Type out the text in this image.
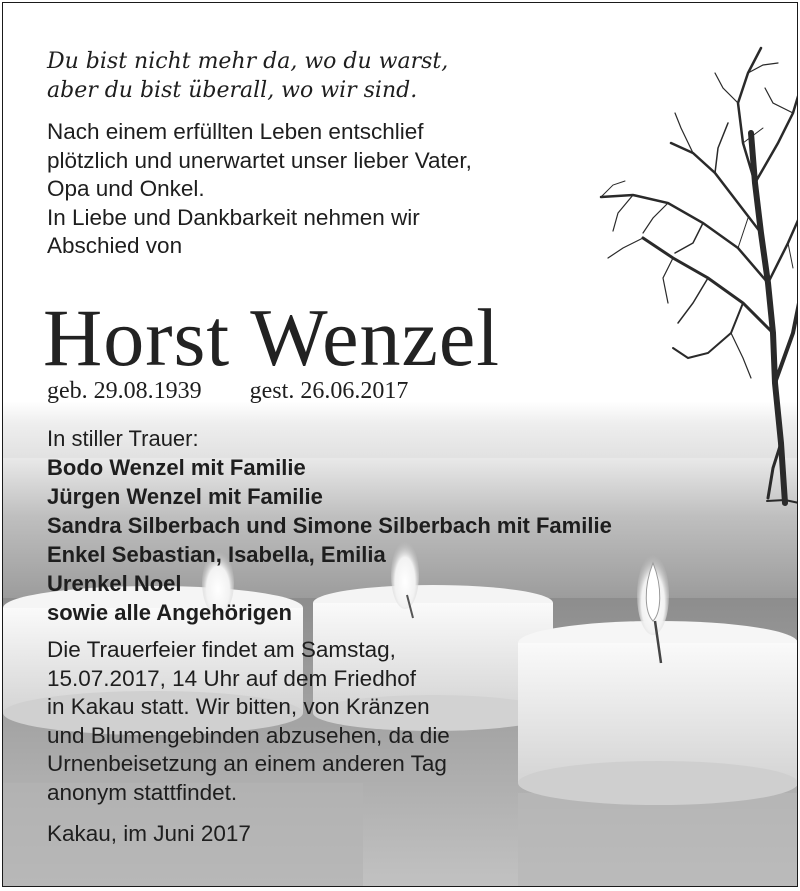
Du bist nicht mehr da, wo du warst,
aber du bist überall, wo wir sind.
Nach einem erfüllten Leben entschlief
plötzlich und unerwartet unser lieber Vater,
Opa und Onkel.
In Liebe und Dankbarkeit nehmen wir
Abschied von
Horst Wenzel
geb. 29.08.1939 gest. 26.06.2017
In stiller Trauer:
Bodo Wenzel mit Familie
Jürgen Wenzel mit Familie
Sandra Silberbach und Simone Silberbach mit Familie
Enkel Sebastian, Isabella, Emilia
Urenkel Noel
sowie alle Angehörigen
Die Trauerfeier findet am Samstag,
15.07.2017, 14 Uhr auf dem Friedhof
in Kakau statt. Wir bitten, von Kränzen
und Blumengebinden abzusehen, da die
Urnenbeisetzung an einem anderen Tag
anonym stattfindet.
Kakau, im Juni 2017
